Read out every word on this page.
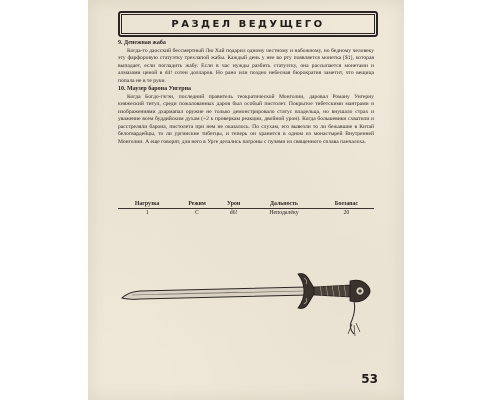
РАЗДЕЛ ВЕДУЩЕГО
9. Денежная жаба

Когда-то даосский бессмертный Лю Хай подарил одному честному и набожному, но бедному человеку эту фарфоровую статуэтку трехлапой жабы. Каждый день у нее во рту появляется монетка [$1], которая выпадает, если погладить жабу. Если в час нужды разбить статуэтку, она рассыпается монетами и алмазами ценой в d4! сотен долларов. Но рано или поздно небесная бюрократия заметит, что вещица попала не в те руки.

10. Маузер барона Унгерна

Когда Богдо-гэгэн, последний правитель теократической Монголии, даровал Роману Унгерну княжеский титул, среди пожалованных даров был особый пистолет. Покрытое тибетскими мантрами и изображениями дхармапал оружие не только демонстрировало статус владельца, но внушало страх и уважение всем буддийским духам (+2 к проверкам реакции, двойной урон). Когда большевики схватили и расстреляли барона, пистолета при нем не оказалось. По слухам, его вывезли то ли бежавшие в Китай белогвардейцы, то ли ургинские тибетцы, и теперь он хранится в одном из монастырей Внутренней Монголии. А еще говорят, для него в Урге делались патроны с пулями из священного сплава панчалоха.

Нагрузка	Режим	Урон	Дальность	Боезапас
1	С	d6!	Неподалёку	20
53
